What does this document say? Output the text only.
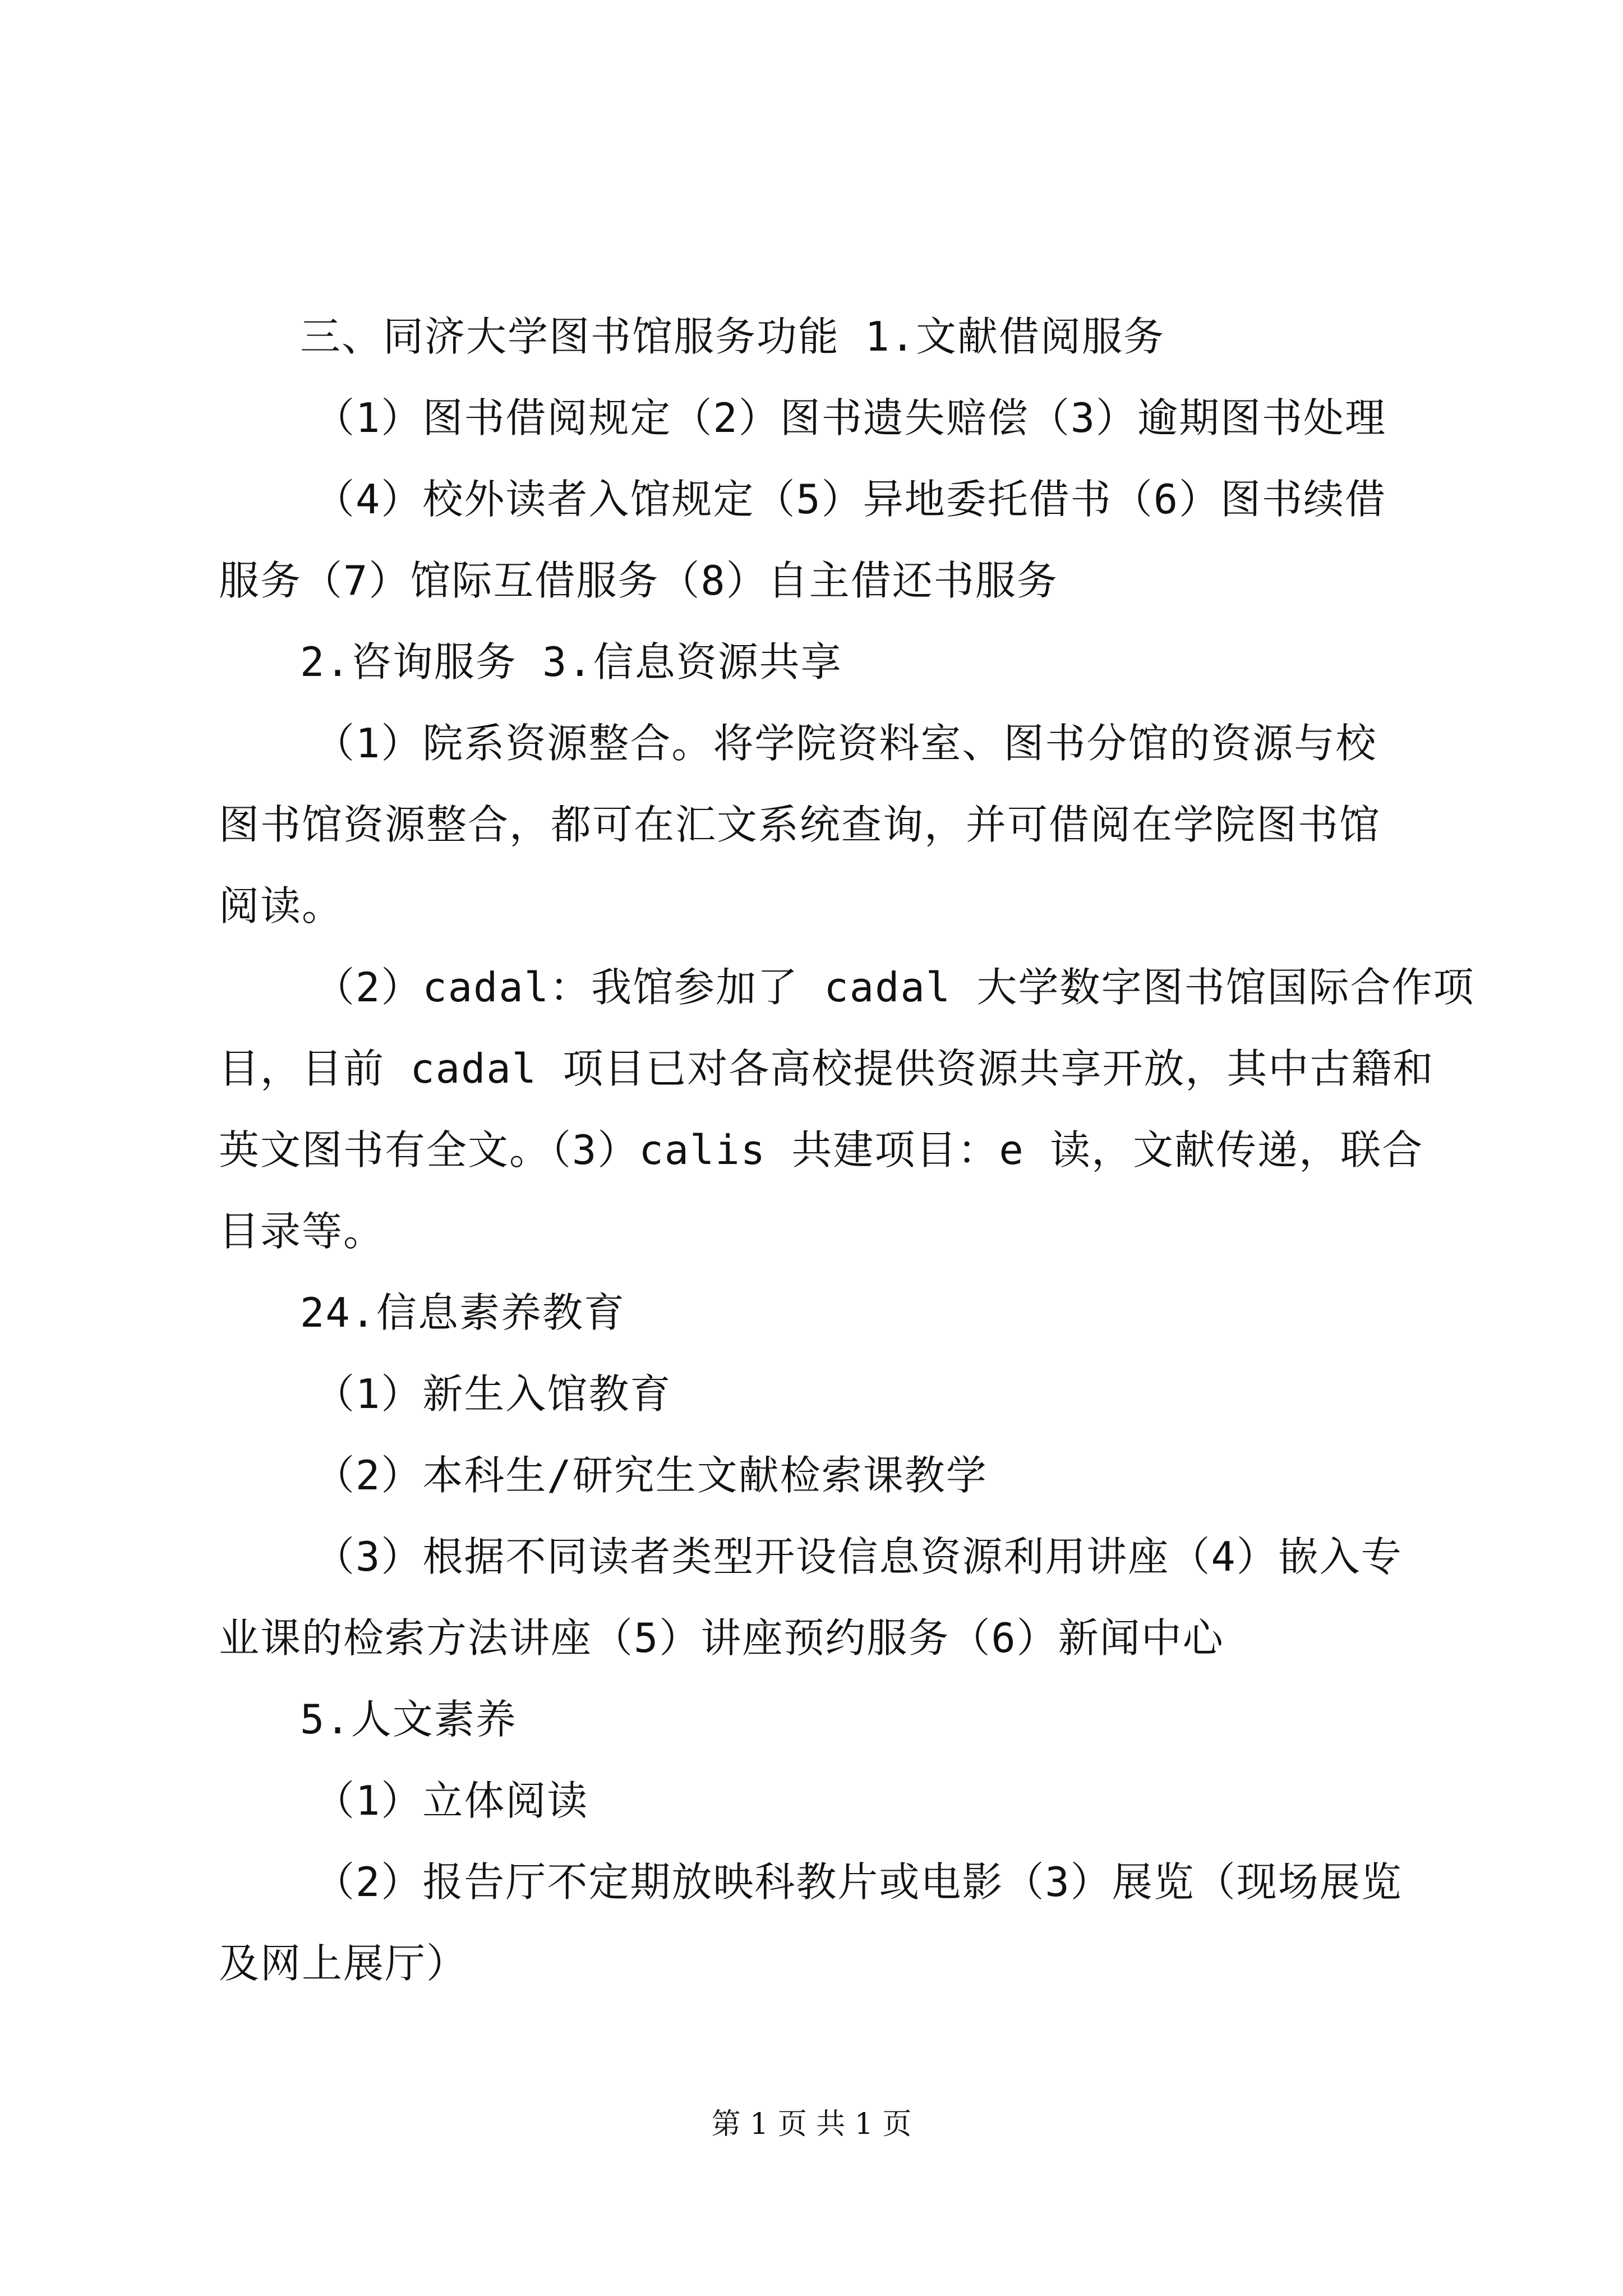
三、同济大学图书馆服务功能 1.文献借阅服务
（1）图书借阅规定（2）图书遗失赔偿（3）逾期图书处理
（4）校外读者入馆规定（5）异地委托借书（6）图书续借
服务（7）馆际互借服务（8）自主借还书服务
2.咨询服务 3.信息资源共享
（1）院系资源整合。将学院资料室、图书分馆的资源与校
图书馆资源整合，都可在汇文系统查询，并可借阅在学院图书馆
阅读。
（2）cadal：我馆参加了 cadal 大学数字图书馆国际合作项
目，目前 cadal 项目已对各高校提供资源共享开放，其中古籍和
英文图书有全文。（3）calis 共建项目：e 读，文献传递，联合
目录等。
24.信息素养教育
（1）新生入馆教育
（2）本科生/研究生文献检索课教学
（3）根据不同读者类型开设信息资源利用讲座（4）嵌入专
业课的检索方法讲座（5）讲座预约服务（6）新闻中心
5.人文素养
（1）立体阅读
（2）报告厅不定期放映科教片或电影（3）展览（现场展览
及网上展厅）
第 1 页 共 1 页
